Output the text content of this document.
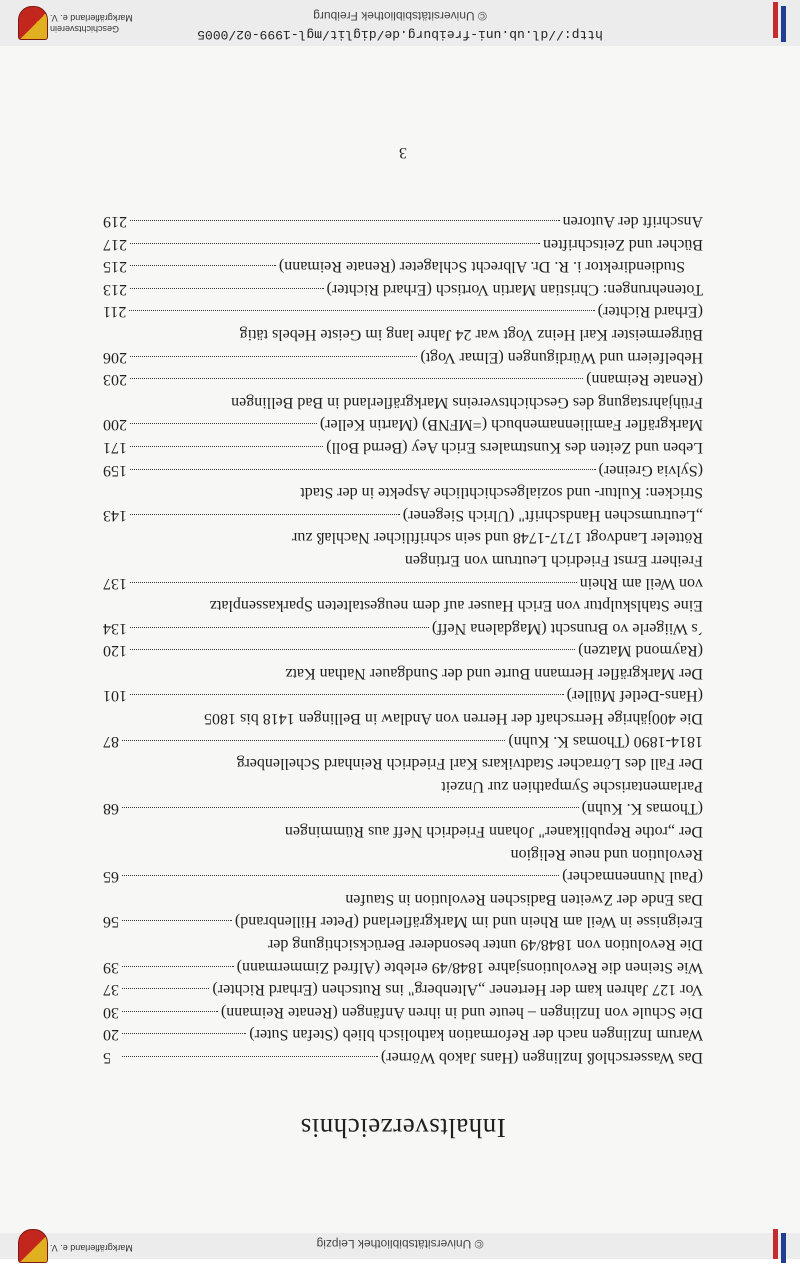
© Universitätsbibliothek Leipzig
Markgräflerland e. V.
Inhaltsverzeichnis
Das Wasserschloß Inzlingen (Hans Jakob Wörner)
5
Warum Inzlingen nach der Reformation katholisch blieb (Stefan Suter)
20
Die Schule von Inzlingen – heute und in ihren Anfängen (Renate Reimann)
30
Vor 127 Jahren kam der Herteneг „Altenberg" ins Rutschen (Erhard Richter)
37
Wie Steinen die Revolutionsjahre 1848/49 erlebte (Alfred Zimmermann)
39
Die Revolution von 1848/49 unter besonderer Berücksichtigung der
Ereignisse in Weil am Rhein und im Markgräflerland (Peter Hillenbrand)
56
Das Ende der Zweiten Badischen Revolution in Staufen
(Paul Nunnenmacher)
65
Revolution und neue Religion
Der „rothe Republikaner" Johann Friedrich Neff aus Rümmingen
(Thomas K. Kuhn)
68
Parlamentarische Sympathien zur Unzeit
Der Fall des Lörracher Stadtvikars Karl Friedrich Reinhard Schellenberg
1814-1890 (Thomas K. Kuhn)
87
Die 400jährige Herrschaft der Herren von Andlaw in Bellingen 1418 bis 1805
(Hans-Detlef Müller)
101
Der Markgräfler Hermann Burte und der Sundgauer Nathan Katz
(Raymond Matzen)
120
´s Wiigerle vo Brunscht (Magdalena Neff)
134
Eine Stahlskulptur von Erich Hauser auf dem neugestalteten Sparkassenplatz
von Weil am Rhein
137
Freiherr Ernst Friedrich Leutrum von Ertingen
Rötteler Landvogt 1717-1748 und sein schriftlicher Nachlaß zur
„Leutrumschen Handschrift" (Ulrich Siegener)
143
Stricken: Kultur- und sozialgeschichtliche Aspekte in der Stadt
(Sylvia Greiner)
159
Leben und Zeiten des Kunstmalers Erich Aey (Bernd Boll)
171
Markgräfler Familiennamenbuch (=MFNB) (Martin Keller)
200
Frühjahrstagung des Geschichtsvereins Markgräflerland in Bad Bellingen
(Renate Reimann)
203
Hebelfeiern und Würdigungen (Elmar Vogt)
206
Bürgermeister Karl Heinz Vogt war 24 Jahre lang im Geiste Hebels tätig
(Erhard Richter)
211
Totenehrungen: Christian Martin Vortisch (Erhard Richter)
213
Studiendirektor i. R. Dr. Albrecht Schlageter (Renate Reimann)
215
Bücher und Zeitschriften
217
Anschrift der Autoren
219
3
http://dl.ub.uni-freiburg.de/diglit/mgl-1999-02/0005
© Universitätsbibliothek Freiburg
Geschichtsverein
Markgräflerland e. V.
